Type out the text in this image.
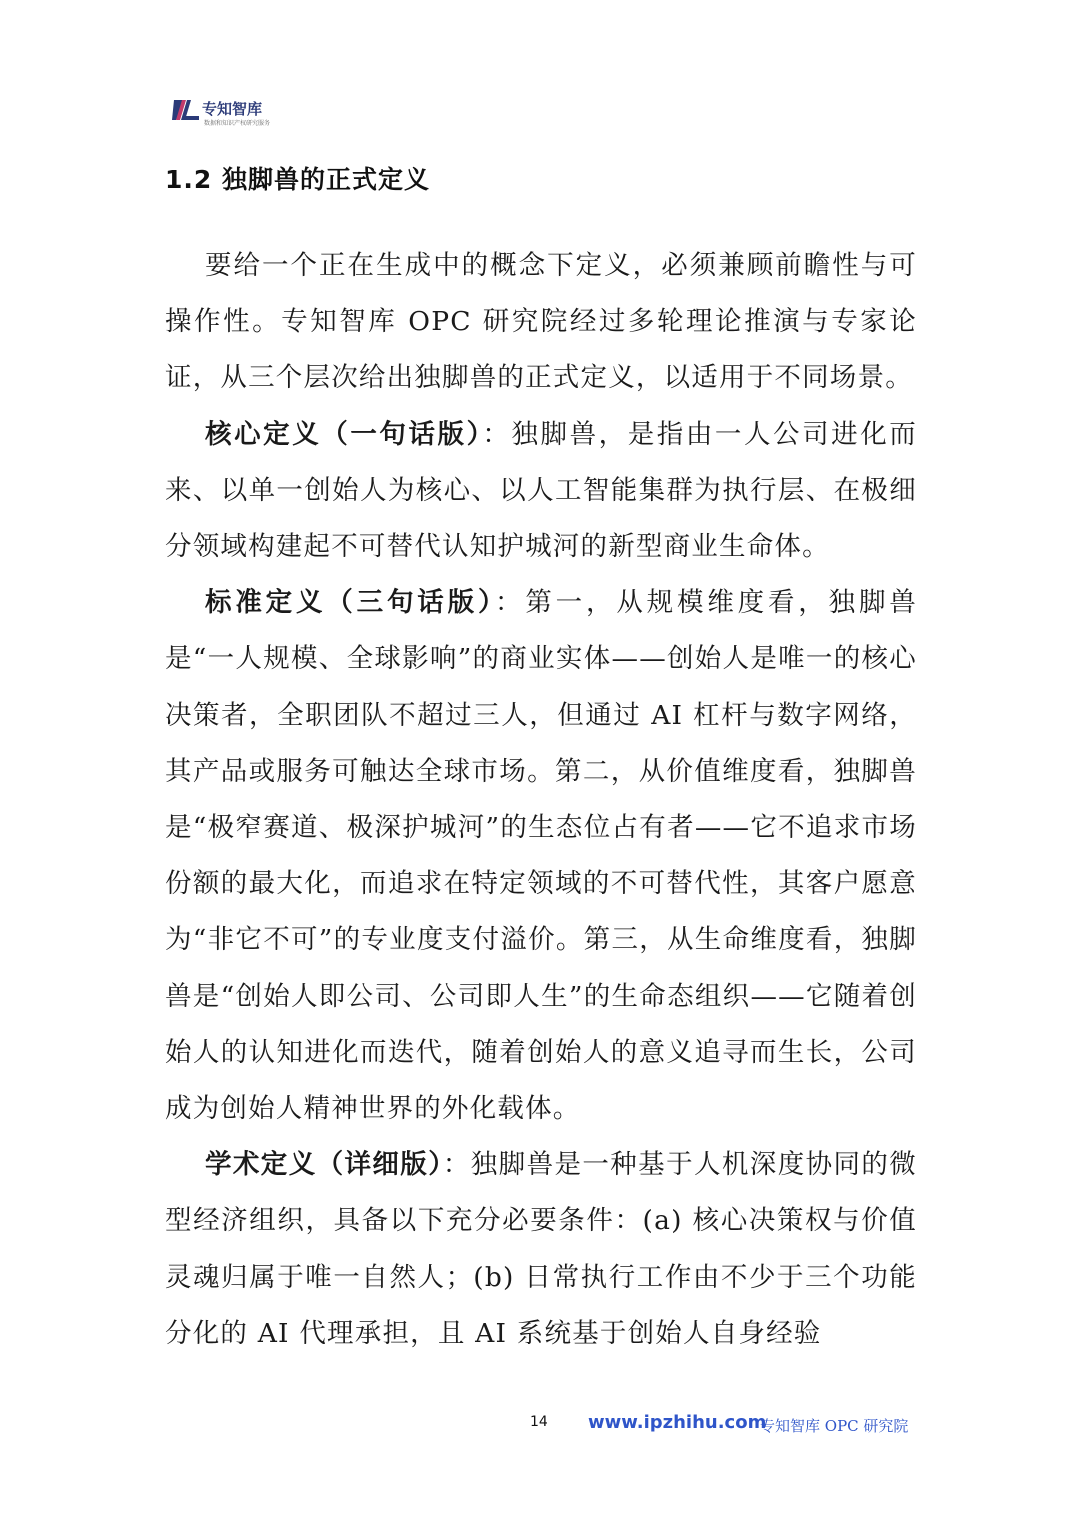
专知智库
数据和知识产权研究服务
1.2 独脚兽的正式定义

要给一个正在生成中的概念下定义，必须兼顾前瞻性与可操作性。专知智库 OPC 研究院经过多轮理论推演与专家论证，从三个层次给出独脚兽的正式定义，以适用于不同场景。

核心定义（一句话版）：独脚兽，是指由一人公司进化而来、以单一创始人为核心、以人工智能集群为执行层、在极细分领域构建起不可替代认知护城河的新型商业生命体。

标准定义（三句话版）：第一，从规模维度看，独脚兽是“一人规模、全球影响”的商业实体——创始人是唯一的核心决策者，全职团队不超过三人，但通过 AI 杠杆与数字网络，其产品或服务可触达全球市场。第二，从价值维度看，独脚兽是“极窄赛道、极深护城河”的生态位占有者——它不追求市场份额的最大化，而追求在特定领域的不可替代性，其客户愿意为“非它不可”的专业度支付溢价。第三，从生命维度看，独脚兽是“创始人即公司、公司即人生”的生命态组织——它随着创始人的认知进化而迭代，随着创始人的意义追寻而生长，公司成为创始人精神世界的外化载体。

学术定义（详细版）：独脚兽是一种基于人机深度协同的微型经济组织，具备以下充分必要条件：(a) 核心决策权与价值灵魂归属于唯一自然人；(b) 日常执行工作由不少于三个功能分化的 AI 代理承担，且 AI 系统基于创始人自身经验

14 www.ipzhihu.com
专知智库 OPC 研究院
